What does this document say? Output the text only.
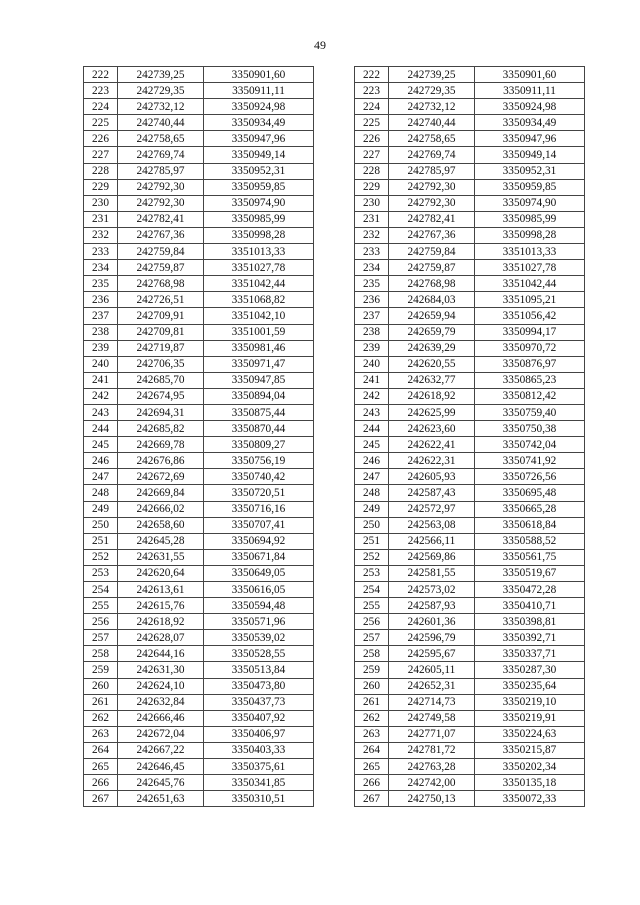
49
222	242739,25	3350901,60
223	242729,35	3350911,11
224	242732,12	3350924,98
225	242740,44	3350934,49
226	242758,65	3350947,96
227	242769,74	3350949,14
228	242785,97	3350952,31
229	242792,30	3350959,85
230	242792,30	3350974,90
231	242782,41	3350985,99
232	242767,36	3350998,28
233	242759,84	3351013,33
234	242759,87	3351027,78
235	242768,98	3351042,44
236	242726,51	3351068,82
237	242709,91	3351042,10
238	242709,81	3351001,59
239	242719,87	3350981,46
240	242706,35	3350971,47
241	242685,70	3350947,85
242	242674,95	3350894,04
243	242694,31	3350875,44
244	242685,82	3350870,44
245	242669,78	3350809,27
246	242676,86	3350756,19
247	242672,69	3350740,42
248	242669,84	3350720,51
249	242666,02	3350716,16
250	242658,60	3350707,41
251	242645,28	3350694,92
252	242631,55	3350671,84
253	242620,64	3350649,05
254	242613,61	3350616,05
255	242615,76	3350594,48
256	242618,92	3350571,96
257	242628,07	3350539,02
258	242644,16	3350528,55
259	242631,30	3350513,84
260	242624,10	3350473,80
261	242632,84	3350437,73
262	242666,46	3350407,92
263	242672,04	3350406,97
264	242667,22	3350403,33
265	242646,45	3350375,61
266	242645,76	3350341,85
267	242651,63	3350310,51
222	242739,25	3350901,60
223	242729,35	3350911,11
224	242732,12	3350924,98
225	242740,44	3350934,49
226	242758,65	3350947,96
227	242769,74	3350949,14
228	242785,97	3350952,31
229	242792,30	3350959,85
230	242792,30	3350974,90
231	242782,41	3350985,99
232	242767,36	3350998,28
233	242759,84	3351013,33
234	242759,87	3351027,78
235	242768,98	3351042,44
236	242684,03	3351095,21
237	242659,94	3351056,42
238	242659,79	3350994,17
239	242639,29	3350970,72
240	242620,55	3350876,97
241	242632,77	3350865,23
242	242618,92	3350812,42
243	242625,99	3350759,40
244	242623,60	3350750,38
245	242622,41	3350742,04
246	242622,31	3350741,92
247	242605,93	3350726,56
248	242587,43	3350695,48
249	242572,97	3350665,28
250	242563,08	3350618,84
251	242566,11	3350588,52
252	242569,86	3350561,75
253	242581,55	3350519,67
254	242573,02	3350472,28
255	242587,93	3350410,71
256	242601,36	3350398,81
257	242596,79	3350392,71
258	242595,67	3350337,71
259	242605,11	3350287,30
260	242652,31	3350235,64
261	242714,73	3350219,10
262	242749,58	3350219,91
263	242771,07	3350224,63
264	242781,72	3350215,87
265	242763,28	3350202,34
266	242742,00	3350135,18
267	242750,13	3350072,33
